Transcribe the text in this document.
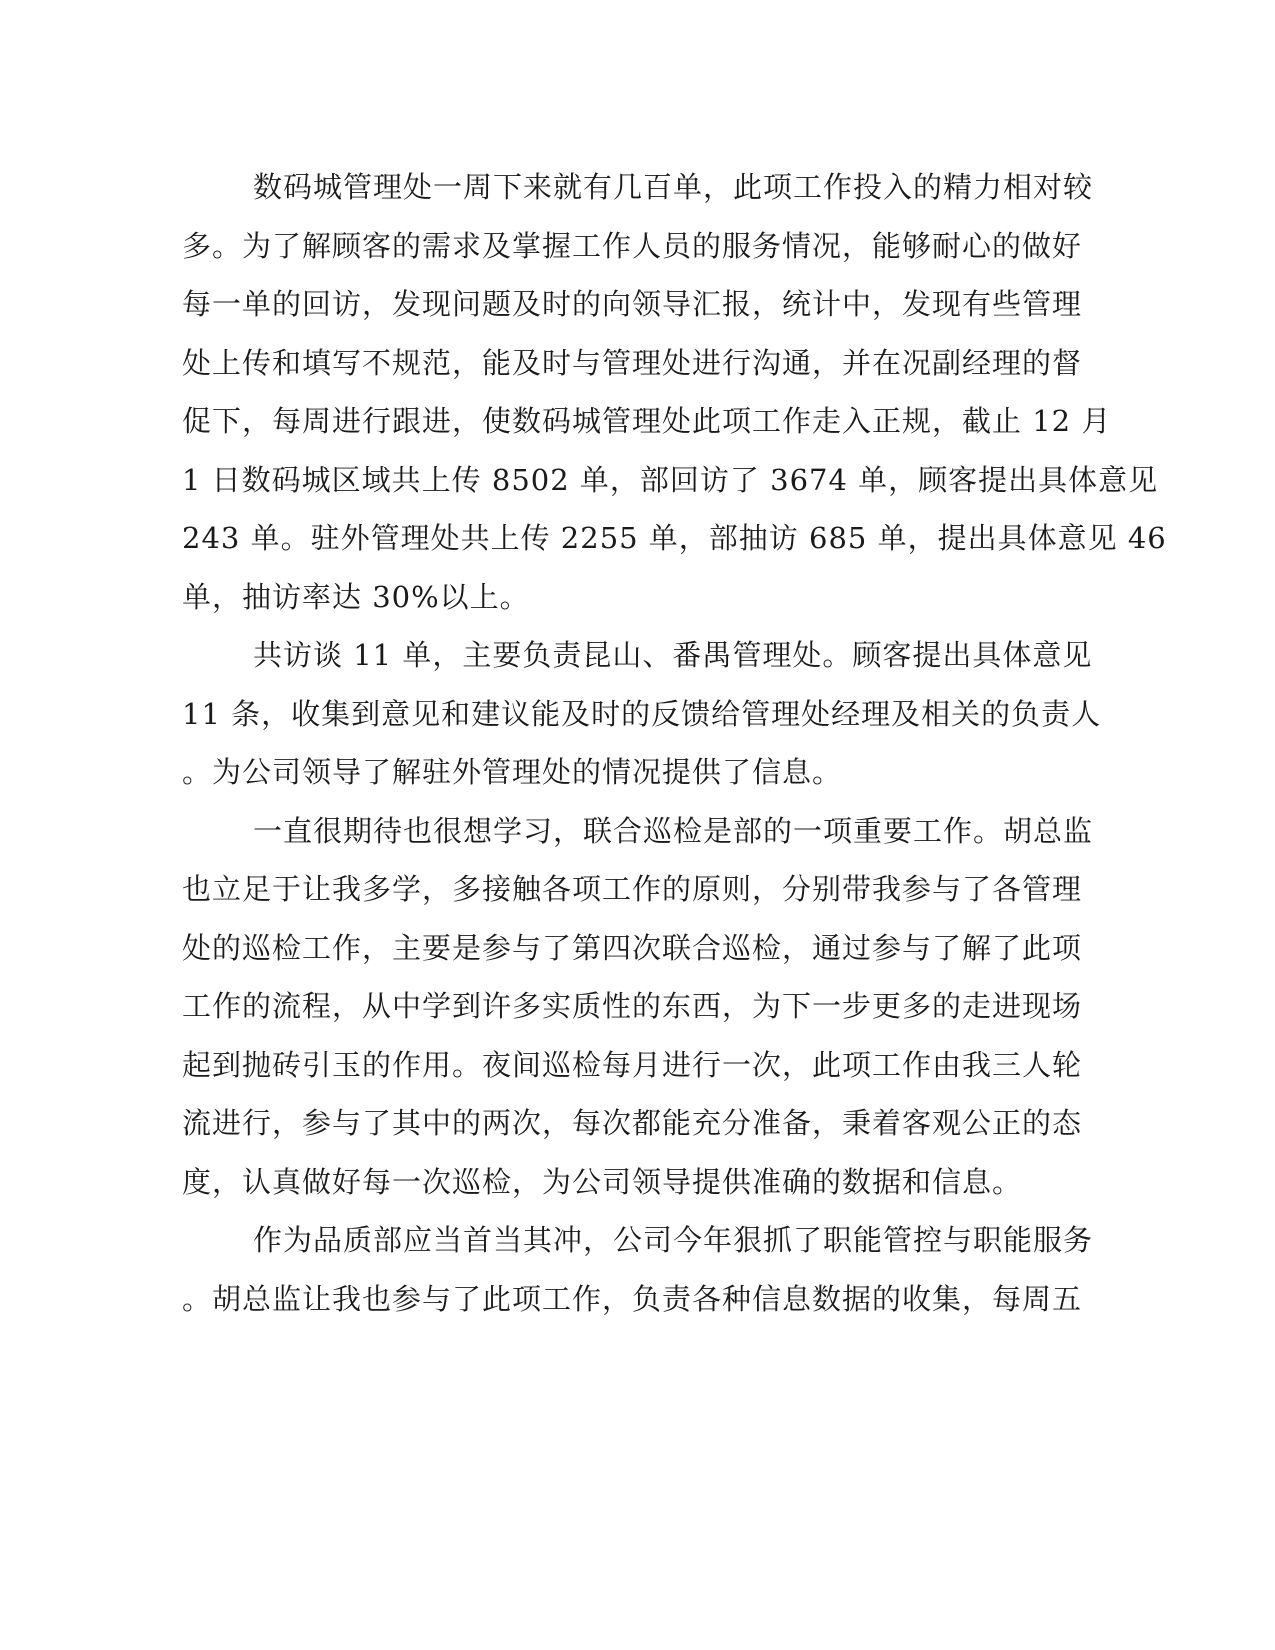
数码城管理处一周下来就有几百单，此项工作投入的精力相对较
多。为了解顾客的需求及掌握工作人员的服务情况，能够耐心的做好
每一单的回访，发现问题及时的向领导汇报，统计中，发现有些管理
处上传和填写不规范，能及时与管理处进行沟通，并在况副经理的督
促下，每周进行跟进，使数码城管理处此项工作走入正规，截止 12 月
1 日数码城区域共上传 8502 单，部回访了 3674 单，顾客提出具体意见
243 单。驻外管理处共上传 2255 单，部抽访 685 单，提出具体意见 46
单，抽访率达 30%以上。
共访谈 11 单，主要负责昆山、番禺管理处。顾客提出具体意见
11 条，收集到意见和建议能及时的反馈给管理处经理及相关的负责人
。为公司领导了解驻外管理处的情况提供了信息。
一直很期待也很想学习，联合巡检是部的一项重要工作。胡总监
也立足于让我多学，多接触各项工作的原则，分别带我参与了各管理
处的巡检工作，主要是参与了第四次联合巡检，通过参与了解了此项
工作的流程，从中学到许多实质性的东西，为下一步更多的走进现场
起到抛砖引玉的作用。夜间巡检每月进行一次，此项工作由我三人轮
流进行，参与了其中的两次，每次都能充分准备，秉着客观公正的态
度，认真做好每一次巡检，为公司领导提供准确的数据和信息。
作为品质部应当首当其冲，公司今年狠抓了职能管控与职能服务
。胡总监让我也参与了此项工作，负责各种信息数据的收集，每周五
